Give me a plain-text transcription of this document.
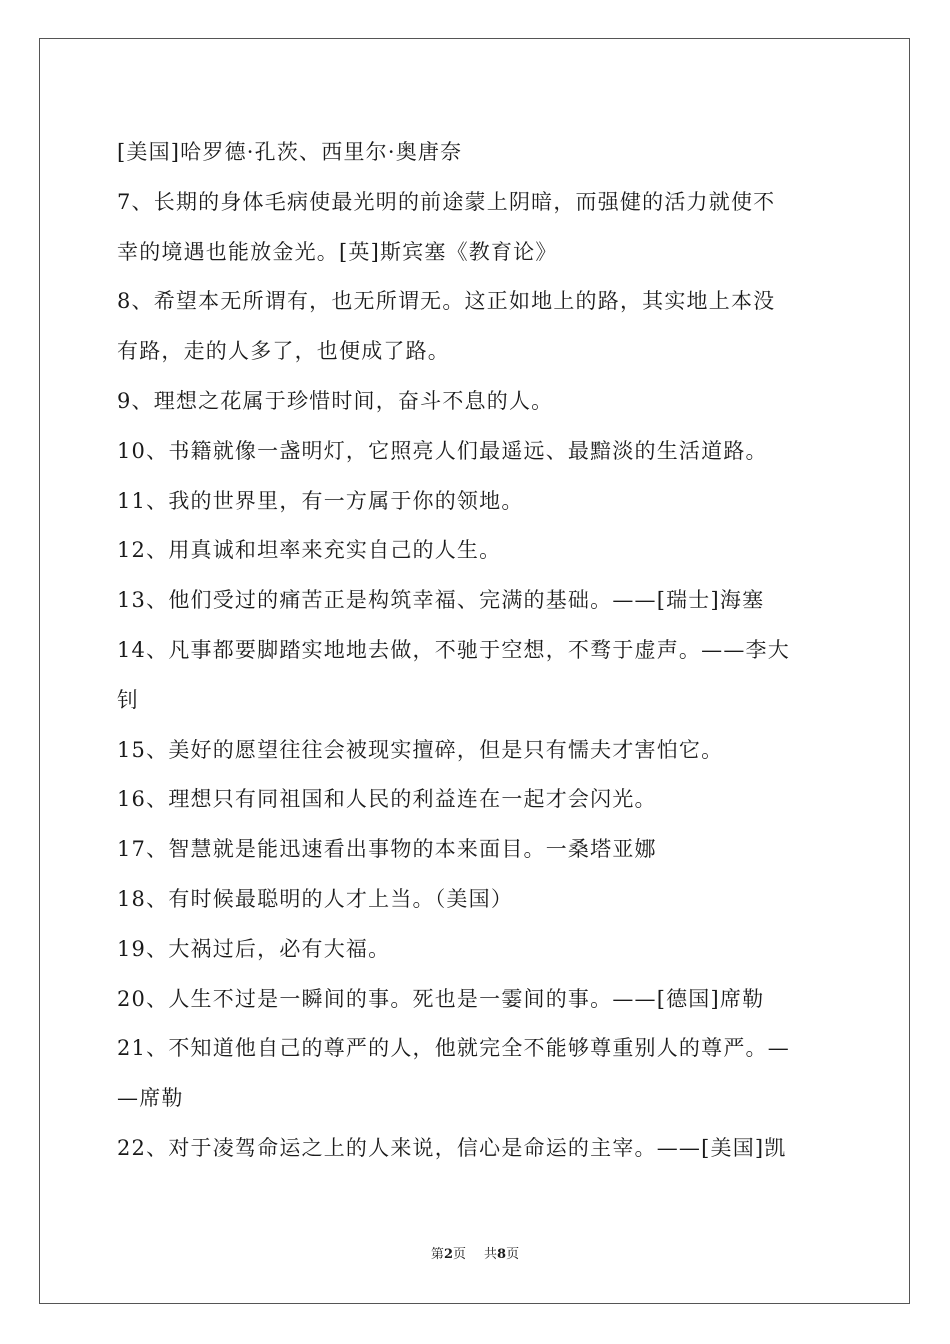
[美国]哈罗德·孔茨、西里尔·奥唐奈
7、长期的身体毛病使最光明的前途蒙上阴暗，而强健的活力就使不
幸的境遇也能放金光。[英]斯宾塞《教育论》
8、希望本无所谓有，也无所谓无。这正如地上的路，其实地上本没
有路，走的人多了，也便成了路。
9、理想之花属于珍惜时间，奋斗不息的人。
10、书籍就像一盏明灯，它照亮人们最遥远、最黯淡的生活道路。
11、我的世界里，有一方属于你的领地。
12、用真诚和坦率来充实自己的人生。
13、他们受过的痛苦正是构筑幸福、完满的基础。——[瑞士]海塞
14、凡事都要脚踏实地地去做，不驰于空想，不骛于虚声。——李大
钊
15、美好的愿望往往会被现实擅碎，但是只有懦夫才害怕它。
16、理想只有同祖国和人民的利益连在一起才会闪光。
17、智慧就是能迅速看出事物的本来面目。一桑塔亚娜
18、有时候最聪明的人才上当。（美国）
19、大祸过后，必有大福。
20、人生不过是一瞬间的事。死也是一霎间的事。——[德国]席勒
21、不知道他自己的尊严的人，他就完全不能够尊重别人的尊严。—
—席勒
22、对于凌驾命运之上的人来说，信心是命运的主宰。——[美国]凯
第2页 共8页
